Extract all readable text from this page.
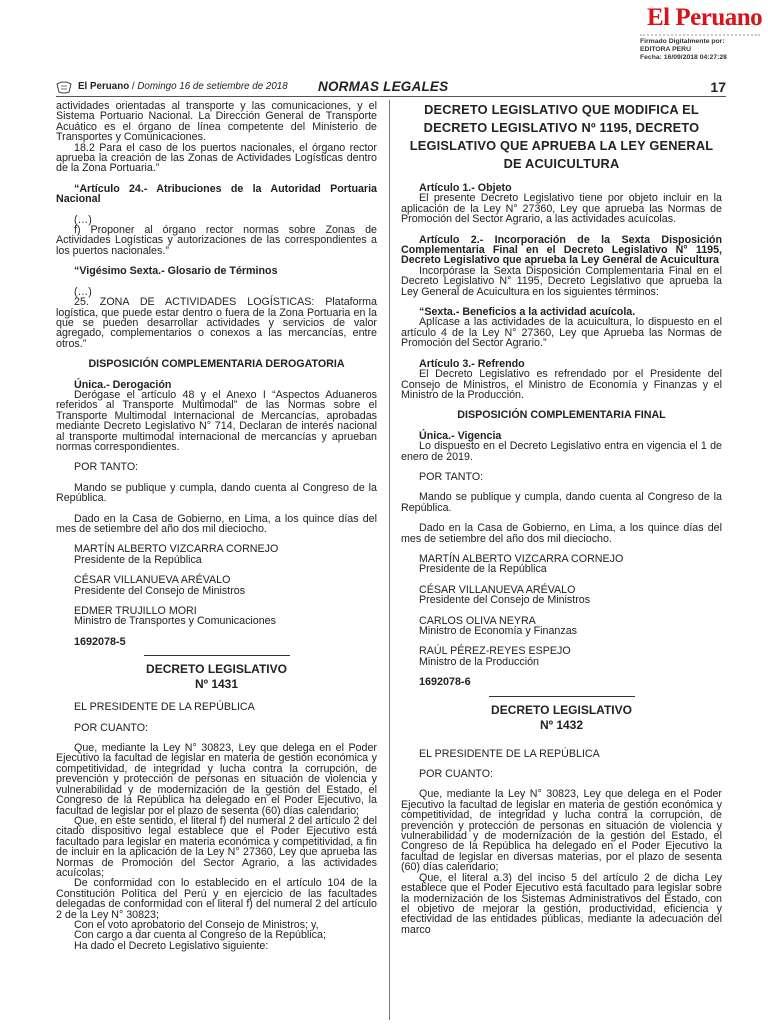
El Peruano
Firmado Digitalmente por:
EDITORA PERU
Fecha: 16/09/2018 04:27:28
El Peruano / Domingo 16 de setiembre de 2018 NORMAS LEGALES	17

actividades orientadas al transporte y las comunicaciones, y el Sistema Portuario Nacional. La Dirección General de Transporte Acuático es el órgano de línea competente del Ministerio de Transportes y Comunicaciones.

18.2 Para el caso de los puertos nacionales, el órgano rector aprueba la creación de las Zonas de Actividades Logísticas dentro de la Zona Portuaria.”

“Artículo 24.- Atribuciones de la Autoridad Portuaria Nacional

(…)

f) Proponer al órgano rector normas sobre Zonas de Actividades Logísticas y autorizaciones de las correspondientes a los puertos nacionales.”

“Vigésimo Sexta.- Glosario de Términos

(…)

25. ZONA DE ACTIVIDADES LOGÍSTICAS: Plataforma logística, que puede estar dentro o fuera de la Zona Portuaria en la que se pueden desarrollar actividades y servicios de valor agregado, complementarios o conexos a las mercancías, entre otros.”

DISPOSICIÓN COMPLEMENTARIA DEROGATORIA

Única.- Derogación

Derógase el artículo 48 y el Anexo I “Aspectos Aduaneros referidos al Transporte Multimodal” de las Normas sobre el Transporte Multimodal Internacional de Mercancías, aprobadas mediante Decreto Legislativo N° 714, Declaran de interés nacional al transporte multimodal internacional de mercancías y aprueban normas correspondientes.

POR TANTO:

Mando se publique y cumpla, dando cuenta al Congreso de la República.

Dado en la Casa de Gobierno, en Lima, a los quince días del mes de setiembre del año dos mil dieciocho.

MARTÍN ALBERTO VIZCARRA CORNEJO

Presidente de la República

CÉSAR VILLANUEVA ARÉVALO

Presidente del Consejo de Ministros

EDMER TRUJILLO MORI

Ministro de Transportes y Comunicaciones

1692078-5

DECRETO LEGISLATIVO

Nº 1431

EL PRESIDENTE DE LA REPÚBLICA

POR CUANTO:

Que, mediante la Ley N° 30823, Ley que delega en el Poder Ejecutivo la facultad de legislar en materia de gestión económica y competitividad, de integridad y lucha contra la corrupción, de prevención y protección de personas en situación de violencia y vulnerabilidad y de modernización de la gestión del Estado, el Congreso de la República ha delegado en el Poder Ejecutivo, la facultad de legislar por el plazo de sesenta (60) días calendario;

Que, en este sentido, el literal f) del numeral 2 del artículo 2 del citado dispositivo legal establece que el Poder Ejecutivo está facultado para legislar en materia económica y competitividad, a fin de incluir en la aplicación de la Ley N° 27360, Ley que aprueba las Normas de Promoción del Sector Agrario, a las actividades acuícolas;

De conformidad con lo establecido en el artículo 104 de la Constitución Política del Perú y en ejercicio de las facultades delegadas de conformidad con el literal f) del numeral 2 del artículo 2 de la Ley N° 30823;

Con el voto aprobatorio del Consejo de Ministros; y,

Con cargo a dar cuenta al Congreso de la República;

Ha dado el Decreto Legislativo siguiente:

DECRETO LEGISLATIVO QUE MODIFICA EL DECRETO LEGISLATIVO Nº 1195, DECRETO LEGISLATIVO QUE APRUEBA LA LEY GENERAL DE ACUICULTURA

Artículo 1.- Objeto

El presente Decreto Legislativo tiene por objeto incluir en la aplicación de la Ley N° 27360, Ley que aprueba las Normas de Promoción del Sector Agrario, a las actividades acuícolas.

Artículo 2.- Incorporación de la Sexta Disposición Complementaria Final en el Decreto Legislativo N° 1195, Decreto Legislativo que aprueba la Ley General de Acuicultura

Incorpórase la Sexta Disposición Complementaria Final en el Decreto Legislativo N° 1195, Decreto Legislativo que aprueba la Ley General de Acuicultura en los siguientes términos:

“Sexta.- Beneficios a la actividad acuícola.

Aplícase a las actividades de la acuicultura, lo dispuesto en el artículo 4 de la Ley N° 27360, Ley que Aprueba las Normas de Promoción del Sector Agrario.”

Artículo 3.- Refrendo

El Decreto Legislativo es refrendado por el Presidente del Consejo de Ministros, el Ministro de Economía y Finanzas y el Ministro de la Producción.

DISPOSICIÓN COMPLEMENTARIA FINAL

Única.- Vigencia

Lo dispuesto en el Decreto Legislativo entra en vigencia el 1 de enero de 2019.

POR TANTO:

Mando se publique y cumpla, dando cuenta al Congreso de la República.

Dado en la Casa de Gobierno, en Lima, a los quince días del mes de setiembre del año dos mil dieciocho.

MARTÍN ALBERTO VIZCARRA CORNEJO

Presidente de la República

CÉSAR VILLANUEVA ARÉVALO

Presidente del Consejo de Ministros

CARLOS OLIVA NEYRA

Ministro de Economía y Finanzas

RAÚL PÉREZ-REYES ESPEJO

Ministro de la Producción

1692078-6

DECRETO LEGISLATIVO

Nº 1432

EL PRESIDENTE DE LA REPÚBLICA

POR CUANTO:

Que, mediante la Ley N° 30823, Ley que delega en el Poder Ejecutivo la facultad de legislar en materia de gestión económica y competitividad, de integridad y lucha contra la corrupción, de prevención y protección de personas en situación de violencia y vulnerabilidad y de modernización de la gestión del Estado, el Congreso de la República ha delegado en el Poder Ejecutivo la facultad de legislar en diversas materias, por el plazo de sesenta (60) días calendario;

Que, el literal a.3) del inciso 5 del artículo 2 de dicha Ley establece que el Poder Ejecutivo está facultado para legislar sobre la modernización de los Sistemas Administrativos del Estado, con el objetivo de mejorar la gestión, productividad, eficiencia y efectividad de las entidades públicas, mediante la adecuación del marco
